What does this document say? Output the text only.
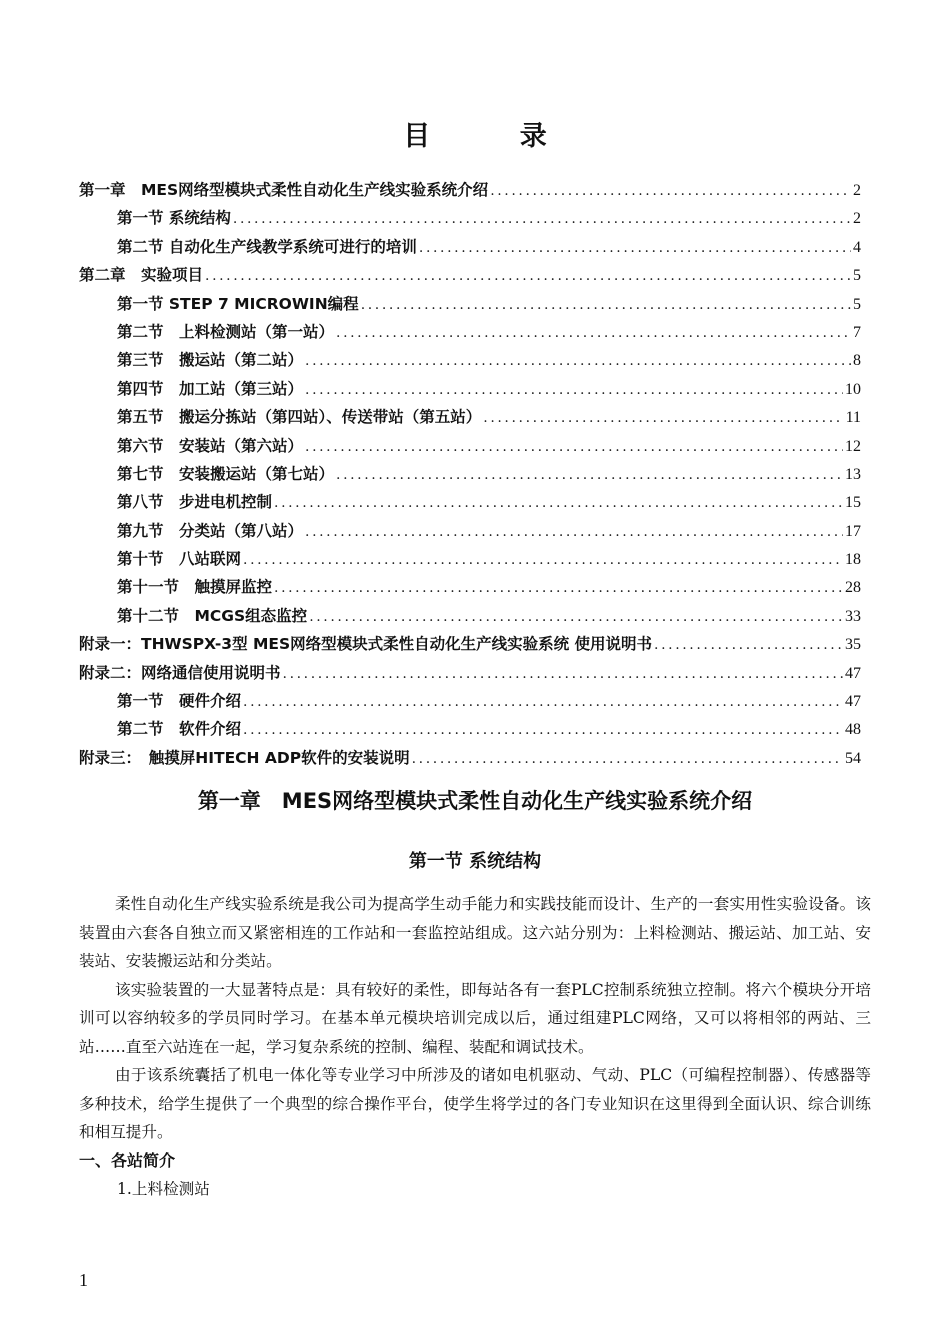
目 录
第一章　MES网络型模块式柔性自动化生产线实验系统介绍 .....	2
第一节 系统结构 .....	2
第二节 自动化生产线教学系统可进行的培训 .....	4
第二章　实验项目 .....	5
第一节 STEP 7 MICROWIN编程 .....	5
第二节　上料检测站（第一站） .....	7
第三节　搬运站（第二站） .....	8
第四节　加工站（第三站） .....	10
第五节　搬运分拣站（第四站）、传送带站（第五站） .....	11
第六节　安装站（第六站） .....	12
第七节　安装搬运站（第七站） .....	13
第八节　步进电机控制 .....	15
第九节　分类站（第八站） .....	17
第十节　八站联网 .....	18
第十一节　触摸屏监控 .....	28
第十二节　MCGS组态监控 .....	33
附录一：THWSPX-3型 MES网络型模块式柔性自动化生产线实验系统 使用说明书 .....	35
附录二：网络通信使用说明书 .....	47
第一节　硬件介绍 .....	47
第二节　软件介绍 .....	48
附录三：　触摸屏HITECH ADP软件的安装说明 .....	54
第一章　MES网络型模块式柔性自动化生产线实验系统介绍
第一节 系统结构

柔性自动化生产线实验系统是我公司为提高学生动手能力和实践技能而设计、生产的一套实用性实验设备。该装置由六套各自独立而又紧密相连的工作站和一套监控站组成。这六站分别为：上料检测站、搬运站、加工站、安装站、安装搬运站和分类站。

该实验装置的一大显著特点是：具有较好的柔性，即每站各有一套PLC控制系统独立控制。将六个模块分开培训可以容纳较多的学员同时学习。在基本单元模块培训完成以后，通过组建PLC网络，又可以将相邻的两站、三站……直至六站连在一起，学习复杂系统的控制、编程、装配和调试技术。

由于该系统囊括了机电一体化等专业学习中所涉及的诸如电机驱动、气动、PLC（可编程控制器）、传感器等多种技术，给学生提供了一个典型的综合操作平台，使学生将学过的各门专业知识在这里得到全面认识、综合训练和相互提升。

一、各站简介

1.上料检测站

1
